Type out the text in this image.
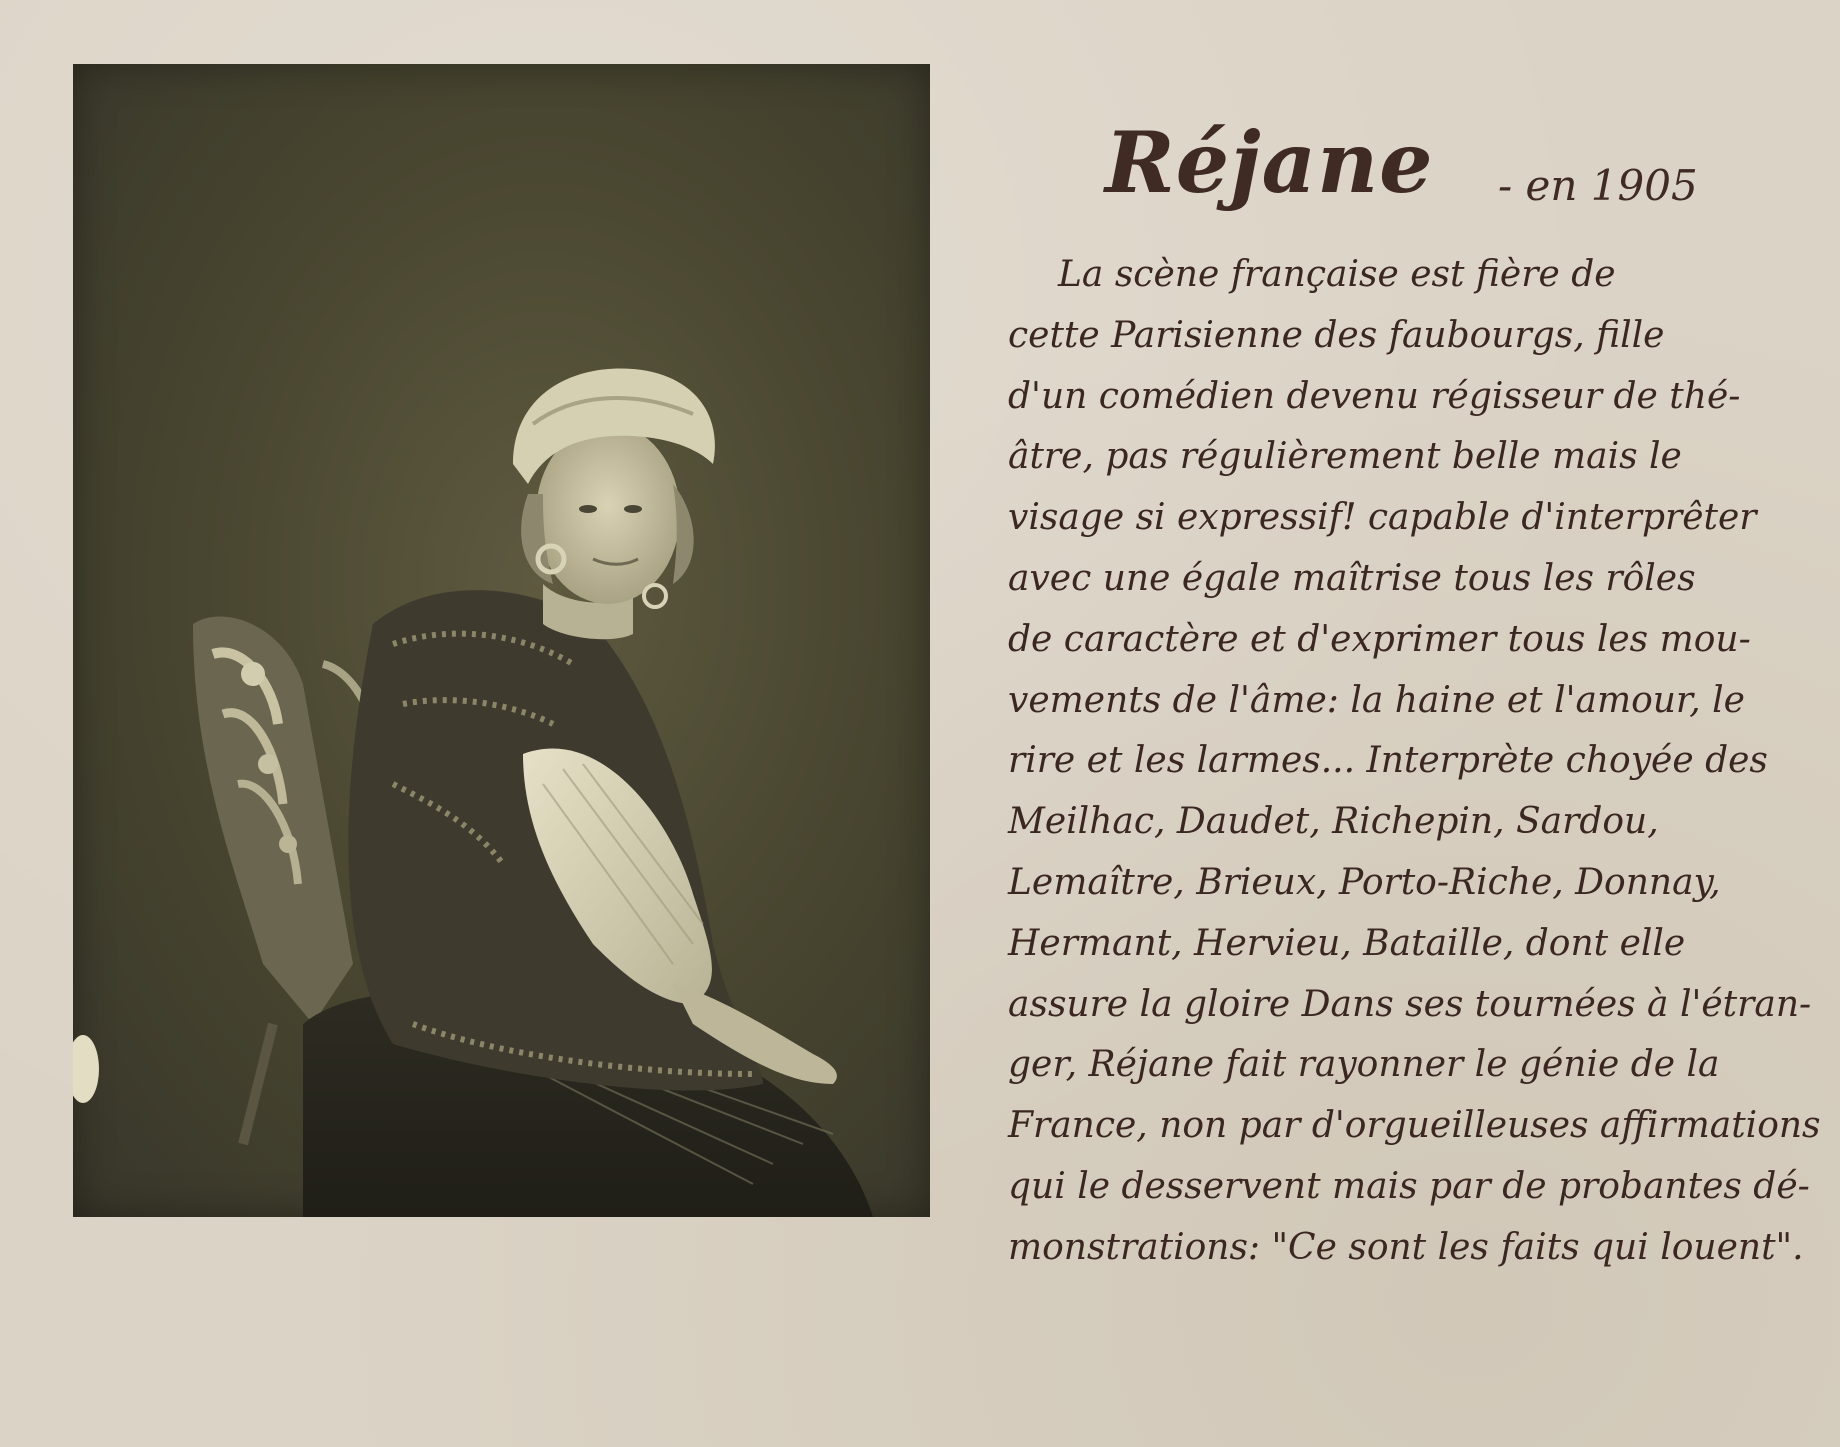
Réjane - en 1905
La scène française est fière de
cette Parisienne des faubourgs, fille
d'un comédien devenu régisseur de thé-
âtre, pas régulièrement belle mais le
visage si expressif! capable d'interprêter
avec une égale maîtrise tous les rôles
de caractère et d'exprimer tous les mou-
vements de l'âme: la haine et l'amour, le
rire et les larmes... Interprète choyée des
Meilhac, Daudet, Richepin, Sardou,
Lemaître, Brieux, Porto-Riche, Donnay,
Hermant, Hervieu, Bataille, dont elle
assure la gloire Dans ses tournées à l'étran-
ger, Réjane fait rayonner le génie de la
France, non par d'orgueilleuses affirmations
qui le desservent mais par de probantes dé-
monstrations: "Ce sont les faits qui louent".
